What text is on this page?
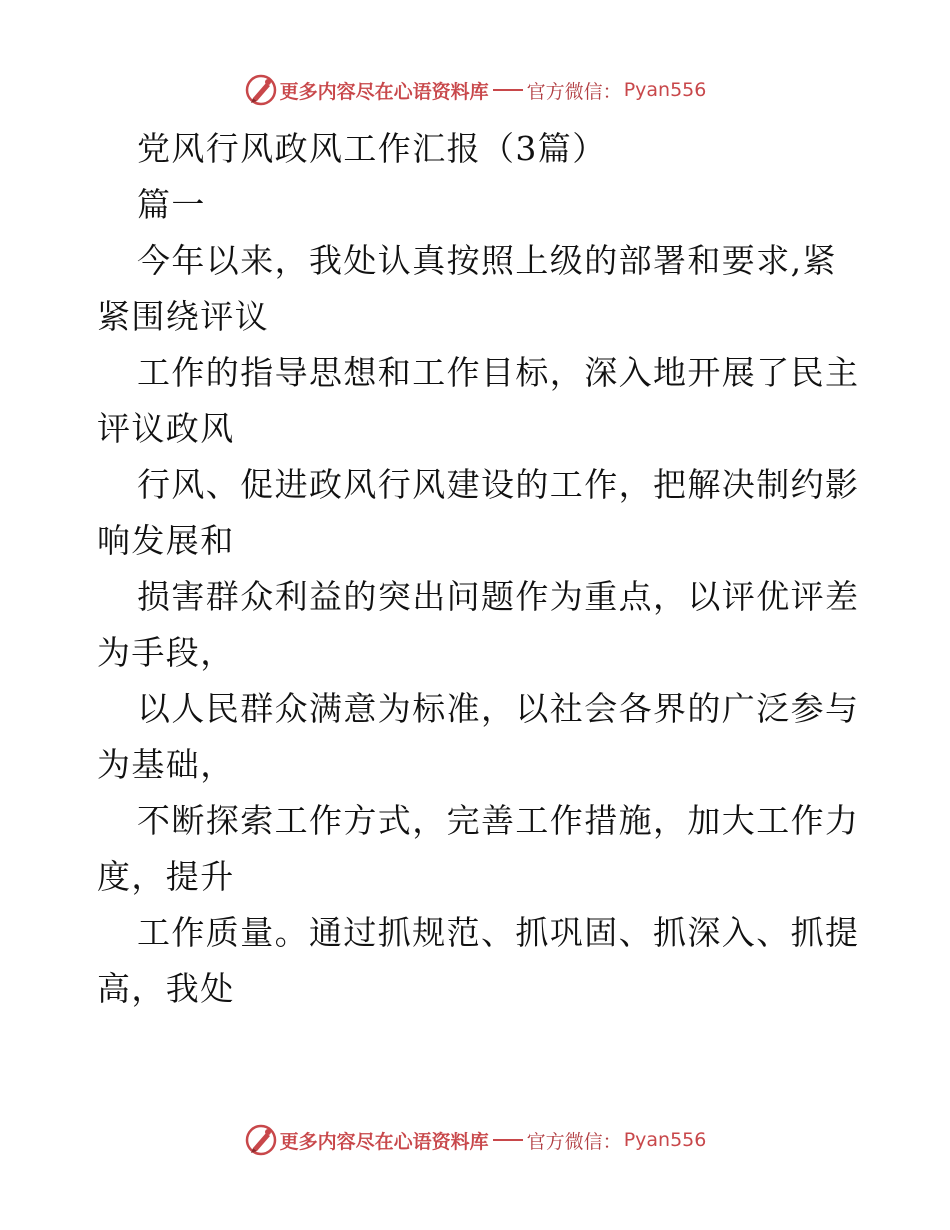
更多内容尽在心语资料库 官方微信： Pyan556
党风行风政风工作汇报（3篇）
篇一
今年以来，我处认真按照上级的部署和要求,紧
紧围绕评议
工作的指导思想和工作目标，深入地开展了民主
评议政风
行风、促进政风行风建设的工作，把解决制约影
响发展和
损害群众利益的突出问题作为重点，以评优评差
为手段，
以人民群众满意为标准，以社会各界的广泛参与
为基础，
不断探索工作方式，完善工作措施，加大工作力
度，提升
工作质量。通过抓规范、抓巩固、抓深入、抓提
高，我处
更多内容尽在心语资料库 官方微信： Pyan556
